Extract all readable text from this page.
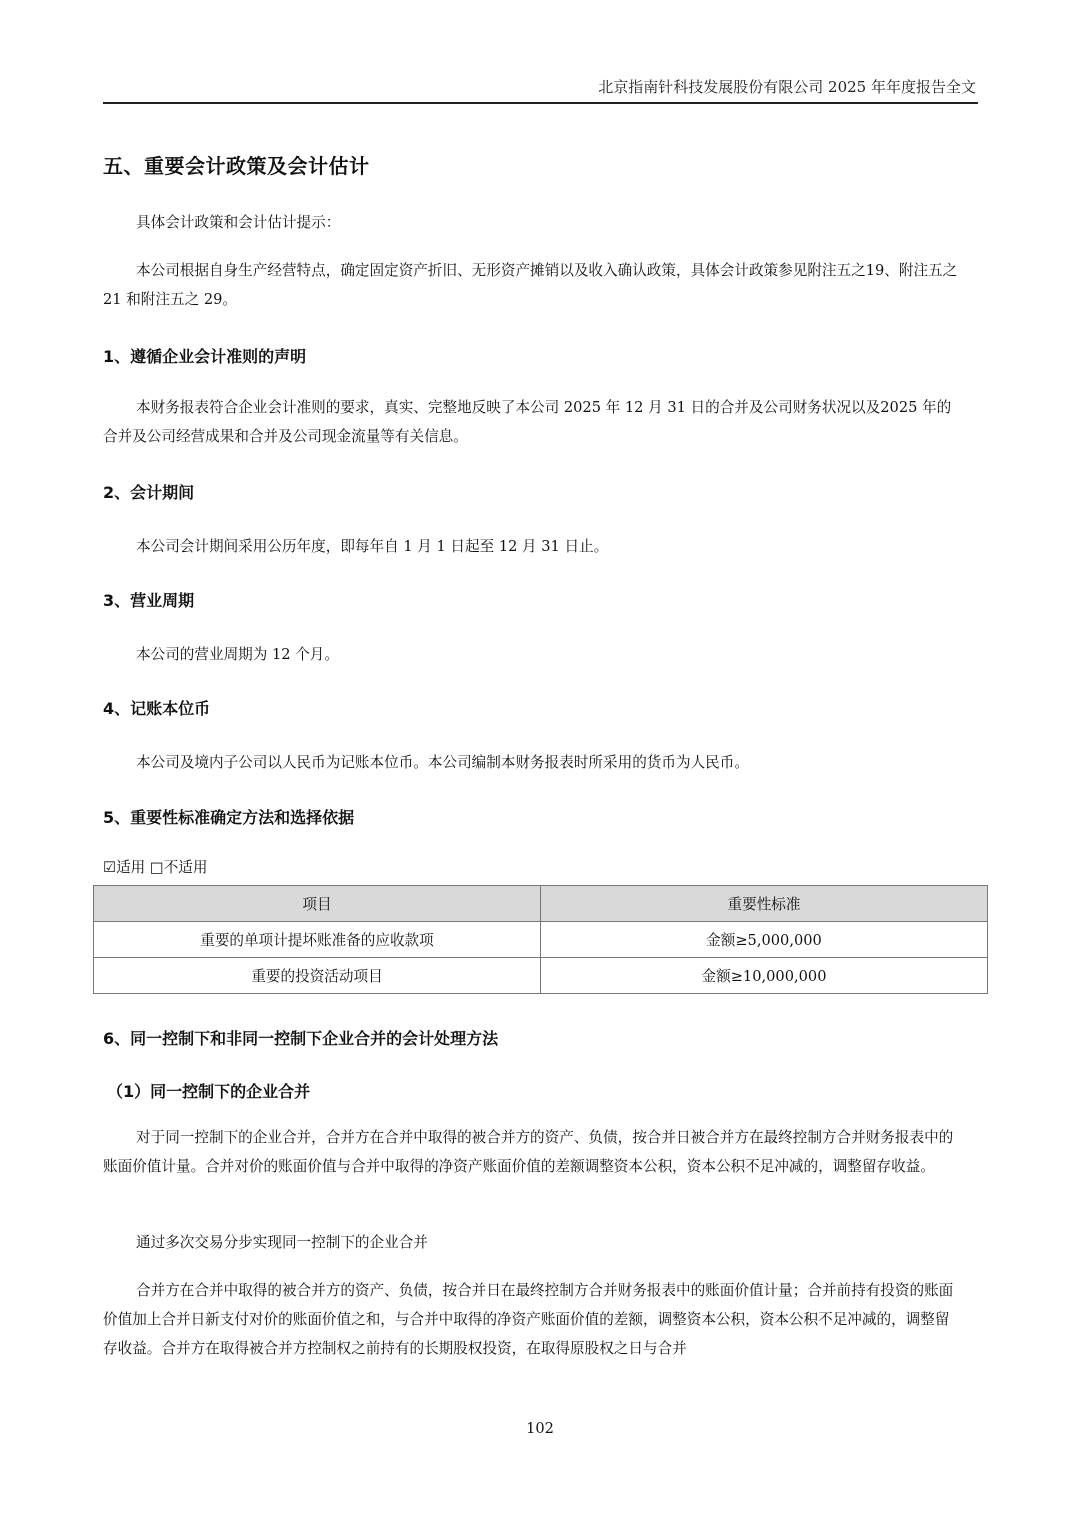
北京指南针科技发展股份有限公司 2025 年年度报告全文
五、重要会计政策及会计估计
具体会计政策和会计估计提示：
本公司根据自身生产经营特点，确定固定资产折旧、无形资产摊销以及收入确认政策，具体会计政策参见附注五之19、附注五之 21 和附注五之 29。
1、遵循企业会计准则的声明
本财务报表符合企业会计准则的要求，真实、完整地反映了本公司 2025 年 12 月 31 日的合并及公司财务状况以及2025 年的合并及公司经营成果和合并及公司现金流量等有关信息。
2、会计期间
本公司会计期间采用公历年度，即每年自 1 月 1 日起至 12 月 31 日止。
3、营业周期
本公司的营业周期为 12 个月。
4、记账本位币
本公司及境内子公司以人民币为记账本位币。本公司编制本财务报表时所采用的货币为人民币。
5、重要性标准确定方法和选择依据
☑适用 □不适用
项目	重要性标准
重要的单项计提坏账准备的应收款项	金额≥5,000,000
重要的投资活动项目	金额≥10,000,000
6、同一控制下和非同一控制下企业合并的会计处理方法
（1）同一控制下的企业合并
对于同一控制下的企业合并，合并方在合并中取得的被合并方的资产、负债，按合并日被合并方在最终控制方合并财务报表中的账面价值计量。合并对价的账面价值与合并中取得的净资产账面价值的差额调整资本公积，资本公积不足冲减的，调整留存收益。
通过多次交易分步实现同一控制下的企业合并
合并方在合并中取得的被合并方的资产、负债，按合并日在最终控制方合并财务报表中的账面价值计量；合并前持有投资的账面价值加上合并日新支付对价的账面价值之和，与合并中取得的净资产账面价值的差额，调整资本公积，资本公积不足冲减的，调整留存收益。合并方在取得被合并方控制权之前持有的长期股权投资，在取得原股权之日与合并
102
